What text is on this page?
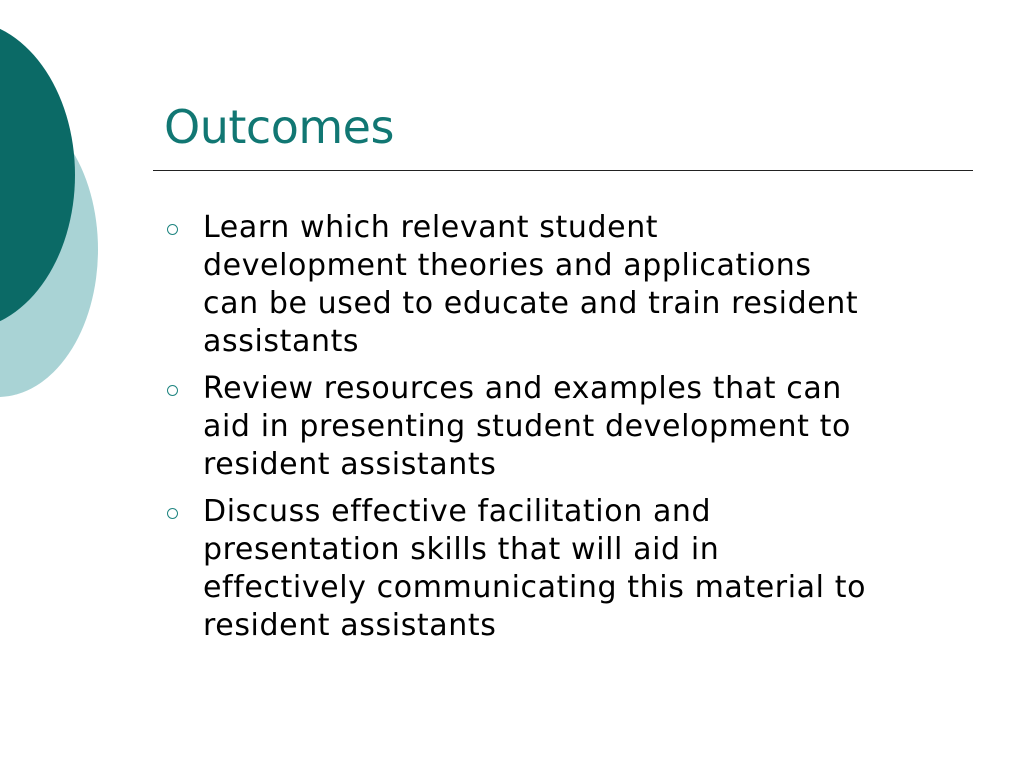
Outcomes
Learn which relevant student
development theories and applications
can be used to educate and train resident
assistants
Review resources and examples that can
aid in presenting student development to
resident assistants
Discuss effective facilitation and
presentation skills that will aid in
effectively communicating this material to
resident assistants
